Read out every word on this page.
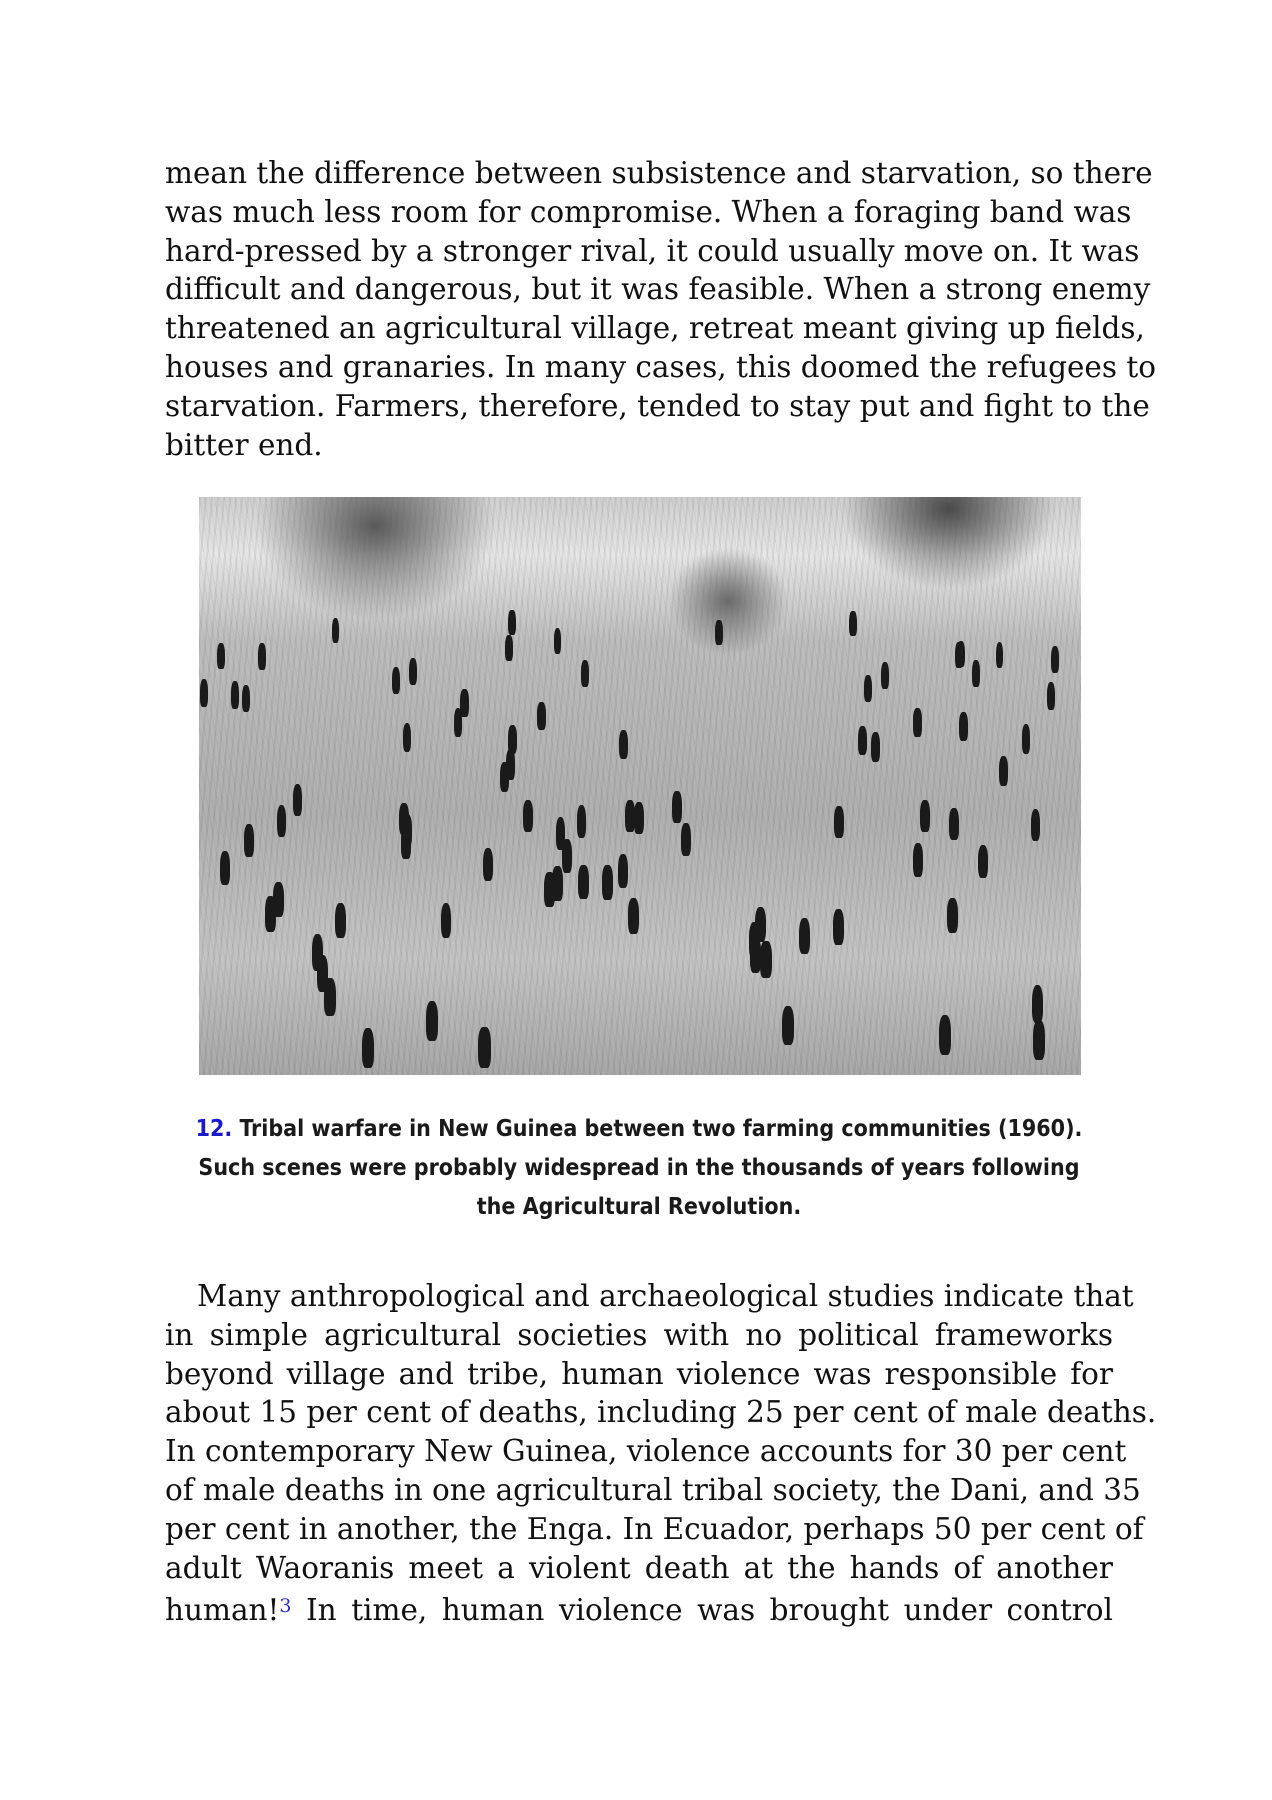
mean the difference between subsistence and starvation, so there
was much less room for compromise. When a foraging band was
hard-pressed by a stronger rival, it could usually move on. It was
difficult and dangerous, but it was feasible. When a strong enemy
threatened an agricultural village, retreat meant giving up fields,
houses and granaries. In many cases, this doomed the refugees to
starvation. Farmers, therefore, tended to stay put and fight to the
bitter end.
12. Tribal warfare in New Guinea between two farming communities (1960).
Such scenes were probably widespread in the thousands of years following
the Agricultural Revolution.
Many anthropological and archaeological studies indicate that
in simple agricultural societies with no political frameworks
beyond village and tribe, human violence was responsible for
about 15 per cent of deaths, including 25 per cent of male deaths.
In contemporary New Guinea, violence accounts for 30 per cent
of male deaths in one agricultural tribal society, the Dani, and 35
per cent in another, the Enga. In Ecuador, perhaps 50 per cent of
adult Waoranis meet a violent death at the hands of another
human!$^3$ In time, human violence was brought under control
